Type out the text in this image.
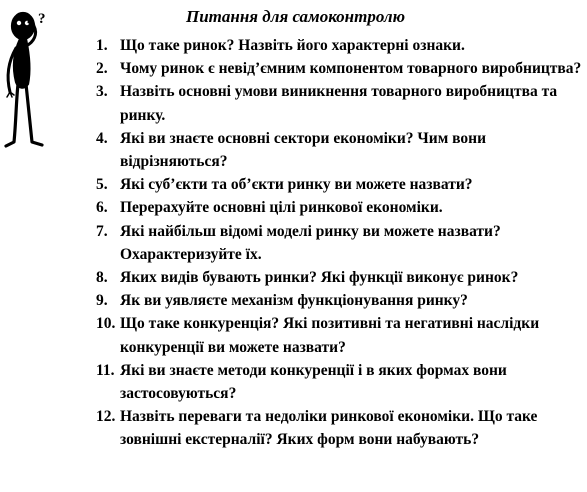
?	Питання для самоконтролю
1. Що таке ринок? Назвіть його характерні ознаки.
2. Чому ринок є невід’ємним компонентом товарного виробництва?
3. Назвіть основні умови виникнення товарного виробництва та ринку.
4. Які ви знаєте основні сектори економіки? Чим вони відрізняються?
5. Які суб’єкти та об’єкти ринку ви можете назвати?
6. Перерахуйте основні цілі ринкової економіки.
7. Які найбільш відомі моделі ринку ви можете назвати? Охарактеризуйте їх.
8. Яких видів бувають ринки? Які функції виконує ринок?
9. Як ви уявляєте механізм функціонування ринку?
10. Що таке конкуренція? Які позитивні та негативні наслідки конкуренції ви можете назвати?
11. Які ви знаєте методи конкуренції і в яких формах вони застосовуються?
12. Назвіть переваги та недоліки ринкової економіки. Що таке зовнішні екстерналії? Яких форм вони набувають?
